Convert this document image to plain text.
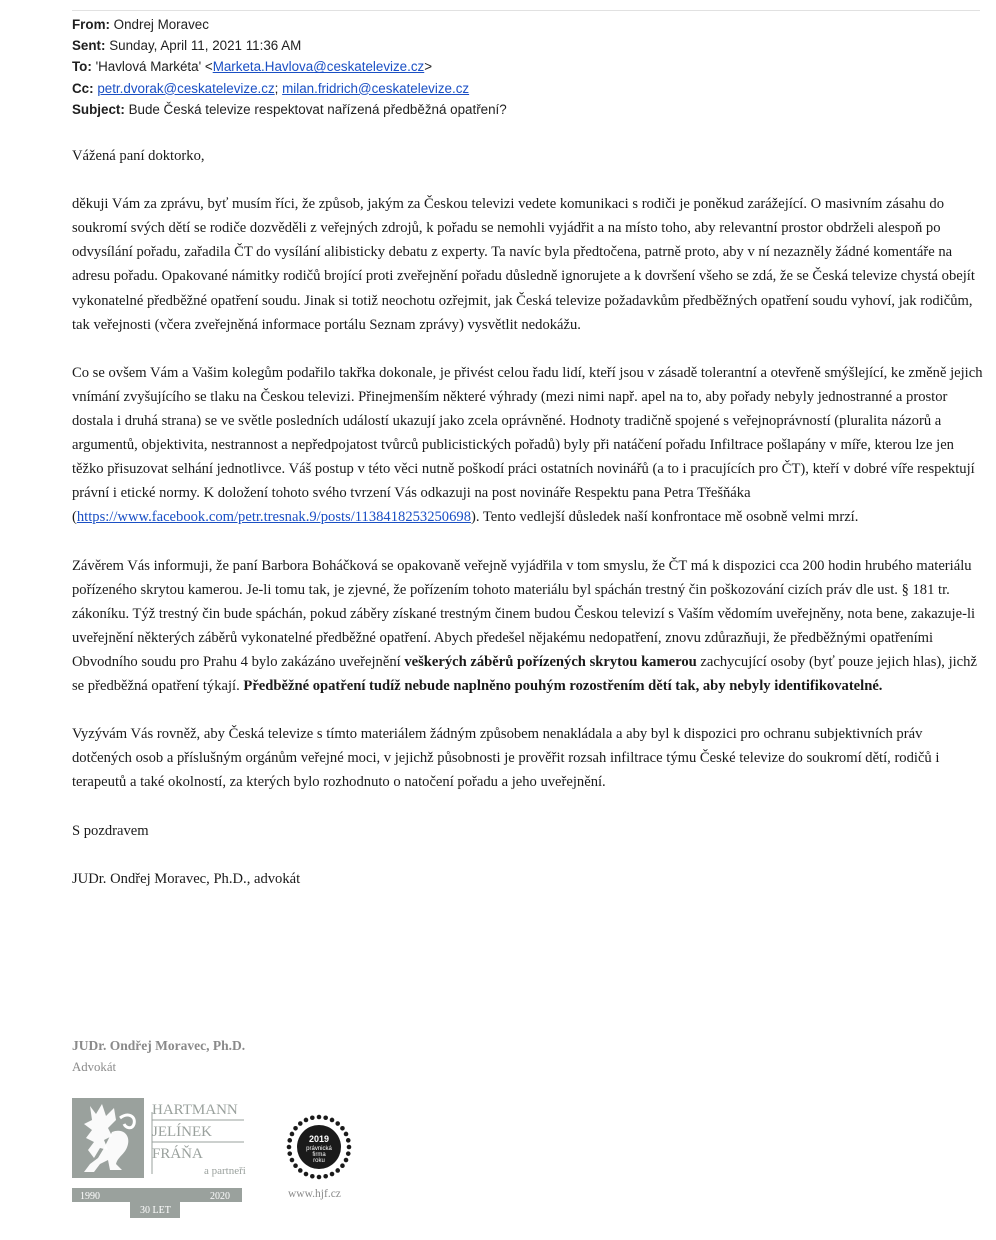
From: Ondrej Moravec
Sent: Sunday, April 11, 2021 11:36 AM
To: 'Havlová Markéta' <Marketa.Havlova@ceskatelevize.cz>
Cc: petr.dvorak@ceskatelevize.cz; milan.fridrich@ceskatelevize.cz
Subject: Bude Česká televize respektovat nařízená předběžná opatření?

Vážená paní doktorko,

děkuji Vám za zprávu, byť musím říci, že způsob, jakým za Českou televizi vedete komunikaci s rodiči je poněkud zarážející. O masivním zásahu do soukromí svých dětí se rodiče dozvěděli z veřejných zdrojů, k pořadu se nemohli vyjádřit a na místo toho, aby relevantní prostor obdrželi alespoň po odvysílání pořadu, zařadila ČT do vysílání alibisticky debatu z experty. Ta navíc byla předtočena, patrně proto, aby v ní nezazněly žádné komentáře na adresu pořadu. Opakované námitky rodičů brojící proti zveřejnění pořadu důsledně ignorujete a k dovršení všeho se zdá, že se Česká televize chystá obejít vykonatelné předběžné opatření soudu. Jinak si totiž neochotu ozřejmit, jak Česká televize požadavkům předběžných opatření soudu vyhoví, jak rodičům, tak veřejnosti (včera zveřejněná informace portálu Seznam zprávy) vysvětlit nedokážu.

Co se ovšem Vám a Vašim kolegům podařilo takřka dokonale, je přivést celou řadu lidí, kteří jsou v zásadě tolerantní a otevřeně smýšlející, ke změně jejich vnímání zvyšujícího se tlaku na Českou televizi. Přinejmenším některé výhrady (mezi nimi např. apel na to, aby pořady nebyly jednostranné a prostor dostala i druhá strana) se ve světle posledních událostí ukazují jako zcela oprávněné. Hodnoty tradičně spojené s veřejnoprávností (pluralita názorů a argumentů, objektivita, nestrannost a nepředpojatost tvůrců publicistických pořadů) byly při natáčení pořadu Infiltrace pošlapány v míře, kterou lze jen těžko přisuzovat selhání jednotlivce. Váš postup v této věci nutně poškodí práci ostatních novinářů (a to i pracujících pro ČT), kteří v dobré víře respektují právní i etické normy. K doložení tohoto svého tvrzení Vás odkazuji na post novináře Respektu pana Petra Třešňáka (https://www.facebook.com/petr.tresnak.9/posts/1138418253250698). Tento vedlejší důsledek naší konfrontace mě osobně velmi mrzí.

Závěrem Vás informuji, že paní Barbora Boháčková se opakovaně veřejně vyjádřila v tom smyslu, že ČT má k dispozici cca 200 hodin hrubého materiálu pořízeného skrytou kamerou. Je-li tomu tak, je zjevné, že pořízením tohoto materiálu byl spáchán trestný čin poškozování cizích práv dle ust. § 181 tr. zákoníku. Týž trestný čin bude spáchán, pokud záběry získané trestným činem budou Českou televizí s Vaším vědomím uveřejněny, nota bene, zakazuje-li uveřejnění některých záběrů vykonatelné předběžné opatření. Abych předešel nějakému nedopatření, znovu zdůrazňuji, že předběžnými opatřeními Obvodního soudu pro Prahu 4 bylo zakázáno uveřejnění veškerých záběrů pořízených skrytou kamerou zachycující osoby (byť pouze jejich hlas), jichž se předběžná opatření týkají. Předběžné opatření tudíž nebude naplněno pouhým rozostřením dětí tak, aby nebyly identifikovatelné.

Vyzývám Vás rovněž, aby Česká televize s tímto materiálem žádným způsobem nenakládala a aby byl k dispozici pro ochranu subjektivních práv dotčených osob a příslušným orgánům veřejné moci, v jejichž působnosti je prověřit rozsah infiltrace týmu České televize do soukromí dětí, rodičů i terapeutů a také okolností, za kterých bylo rozhodnuto o natočení pořadu a jeho uveřejnění.

S pozdravem

JUDr. Ondřej Moravec, Ph.D., advokát

JUDr. Ondřej Moravec, Ph.D.
Advokát
HARTMANN
JELÍNEK
FRÁŇA
a partneři
1990	2020
30 LET
2019
právnická
firma
roku
www.hjf.cz
